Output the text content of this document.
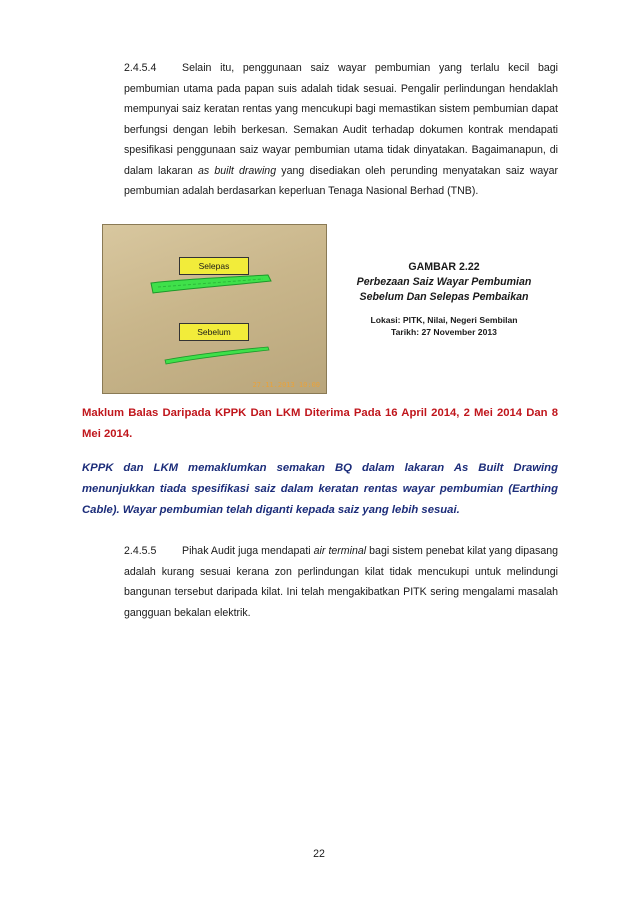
2.4.5.4 Selain itu, penggunaan saiz wayar pembumian yang terlalu kecil bagi pembumian utama pada papan suis adalah tidak sesuai. Pengalir perlindungan hendaklah mempunyai saiz keratan rentas yang mencukupi bagi memastikan sistem pembumian dapat berfungsi dengan lebih berkesan. Semakan Audit terhadap dokumen kontrak mendapati spesifikasi penggunaan saiz wayar pembumian utama tidak dinyatakan. Bagaimanapun, di dalam lakaran as built drawing yang disediakan oleh perunding menyatakan saiz wayar pembumian adalah berdasarkan keperluan Tenaga Nasional Berhad (TNB).
Selepas
Sebelum
27.11.2013 10:00
GAMBAR 2.22
Perbezaan Saiz Wayar Pembumian
Sebelum Dan Selepas Pembaikan
Lokasi: PITK, Nilai, Negeri Sembilan
Tarikh: 27 November 2013
Maklum Balas Daripada KPPK Dan LKM Diterima Pada 16 April 2014, 2 Mei 2014 Dan 8 Mei 2014.
KPPK dan LKM memaklumkan semakan BQ dalam lakaran As Built Drawing menunjukkan tiada spesifikasi saiz dalam keratan rentas wayar pembumian (Earthing Cable). Wayar pembumian telah diganti kepada saiz yang lebih sesuai.
2.4.5.5 Pihak Audit juga mendapati air terminal bagi sistem penebat kilat yang dipasang adalah kurang sesuai kerana zon perlindungan kilat tidak mencukupi untuk melindungi bangunan tersebut daripada kilat. Ini telah mengakibatkan PITK sering mengalami masalah gangguan bekalan elektrik.
22
